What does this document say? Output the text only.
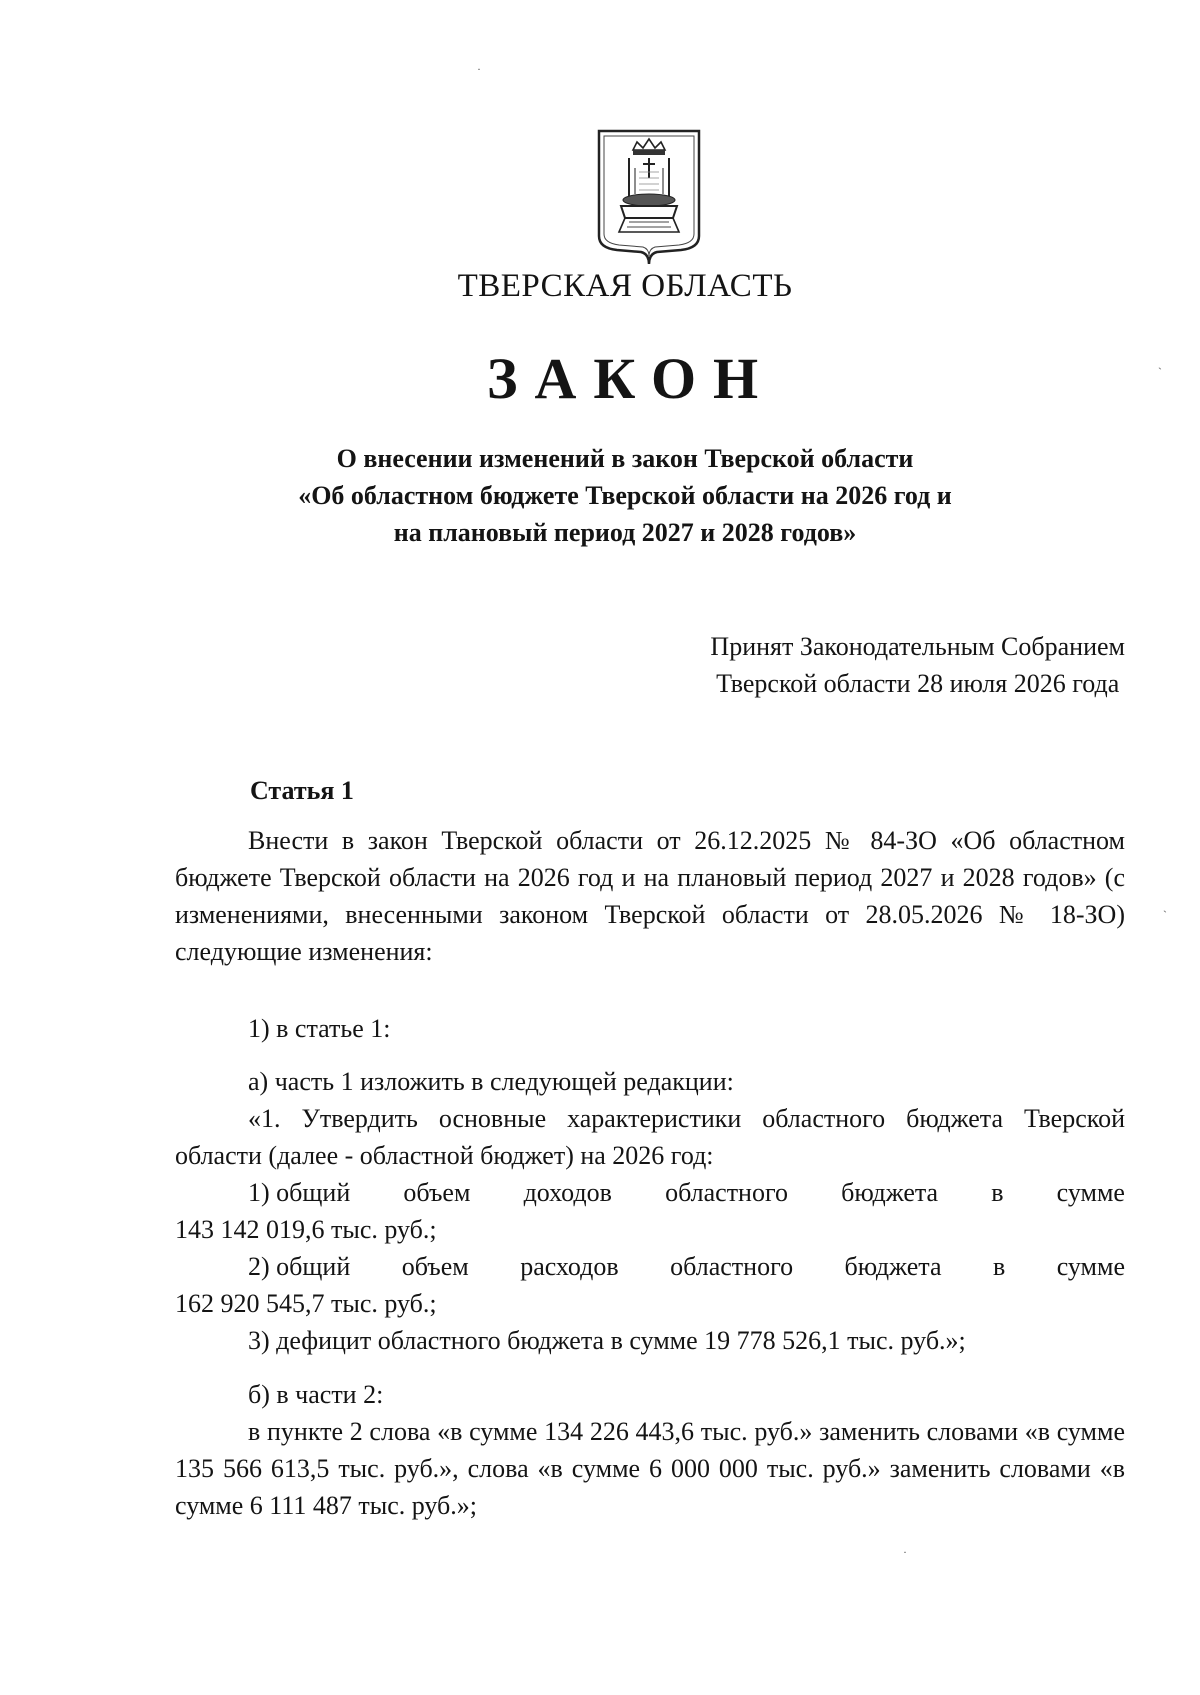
ТВЕРСКАЯ ОБЛАСТЬ
ЗАКОН
О внесении изменений в закон Тверской области
«Об областном бюджете Тверской области на 2026 год и
на плановый период 2027 и 2028 годов»
Принят Законодательным Собранием
Тверской области 28 июля 2026 года
Статья 1

Внести в закон Тверской области от 26.12.2025 № 84-ЗО «Об областном бюджете Тверской области на 2026 год и на плановый период 2027 и 2028 годов» (с изменениями, внесенными законом Тверской области от 28.05.2026 № 18-ЗО) следующие изменения:

1) в статье 1:

а) часть 1 изложить в следующей редакции:

«1. Утвердить основные характеристики областного бюджета Тверской области (далее - областной бюджет) на 2026 год:

1) общий объем доходов областного бюджета в сумме

143 142 019,6 тыс. руб.;

2) общий объем расходов областного бюджета в сумме

162 920 545,7 тыс. руб.;

3) дефицит областного бюджета в сумме 19 778 526,1 тыс. руб.»;

б) в части 2:

в пункте 2 слова «в сумме 134 226 443,6 тыс. руб.» заменить словами «в сумме 135 566 613,5 тыс. руб.», слова «в сумме 6 000 000 тыс. руб.» заменить словами «в сумме 6 111 487 тыс. руб.»;

·
ˋ
ˋ
·
